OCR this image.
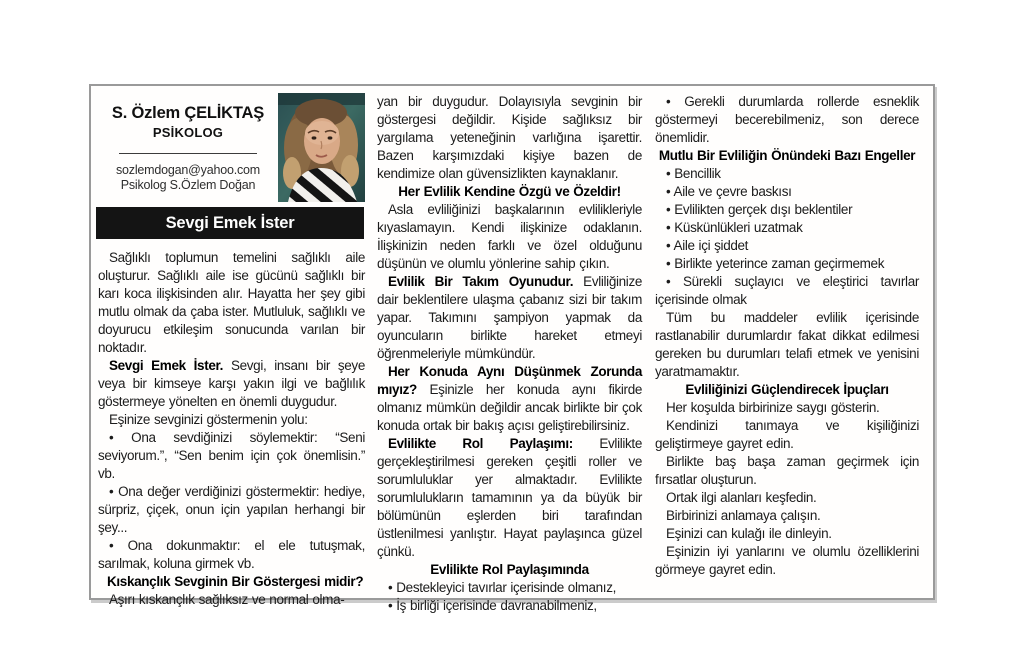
S. Özlem ÇELİKTAŞ
PSİKOLOG
sozlemdogan@yahoo.com
Psikolog S.Özlem Doğan
Sevgi Emek İster

Sağlıklı toplumun temelini sağlıklı aile oluşturur. Sağlıklı aile ise gücünü sağlıklı bir karı koca ilişkisinden alır. Hayatta her şey gibi mutlu olmak da çaba ister. Mutluluk, sağlıklı ve doyurucu etkileşim sonucunda varılan bir noktadır.

Sevgi Emek İster. Sevgi, insanı bir şeye veya bir kimseye karşı yakın ilgi ve bağlılık göstermeye yönelten en önemli duygudur.

Eşinize sevginizi göstermenin yolu:

• Ona sevdiğinizi söylemektir: “Seni seviyorum.”, “Sen benim için çok önemlisin.” vb.

• Ona değer verdiğinizi göstermektir: hediye, sürpriz, çiçek, onun için yapılan herhangi bir şey...

• Ona dokunmaktır: el ele tutuşmak, sarılmak, koluna girmek vb.

Kıskançlık Sevginin Bir Göstergesi midir?

Aşırı kıskançlık sağlıksız ve normal olma-

yan bir duygudur. Dolayısıyla sevginin bir göstergesi değildir. Kişide sağlıksız bir yargılama yeteneğinin varlığına işarettir. Bazen karşımızdaki kişiye bazen de kendimize olan güvensizlikten kaynaklanır.

Her Evlilik Kendine Özgü ve Özeldir!

Asla evliliğinizi başkalarının evlilikleriyle kıyaslamayın. Kendi ilişkinize odaklanın. İlişkinizin neden farklı ve özel olduğunu düşünün ve olumlu yönlerine sahip çıkın.

Evlilik Bir Takım Oyunudur. Evliliğinize dair beklentilere ulaşma çabanız sizi bir takım yapar. Takımını şampiyon yapmak da oyuncuların birlikte hareket etmeyi öğrenmeleriyle mümkündür.

Her Konuda Aynı Düşünmek Zorunda mıyız? Eşinizle her konuda aynı fikirde olmanız mümkün değildir ancak birlikte bir çok konuda ortak bir bakış açısı geliştirebilirsiniz.

Evlilikte Rol Paylaşımı: Evlilikte gerçekleştirilmesi gereken çeşitli roller ve sorumluluklar yer almaktadır. Evlilikte sorumlulukların tamamının ya da büyük bir bölümünün eşlerden biri tarafından üstlenilmesi yanlıştır. Hayat paylaşınca güzel çünkü.

Evlilikte Rol Paylaşımında

• Destekleyici tavırlar içerisinde olmanız,

• İş birliği içerisinde davranabilmeniz,

• Gerekli durumlarda rollerde esneklik göstermeyi becerebilmeniz, son derece önemlidir.

Mutlu Bir Evliliğin Önündeki Bazı Engeller

• Bencillik

• Aile ve çevre baskısı

• Evlilikten gerçek dışı beklentiler

• Küskünlükleri uzatmak

• Aile içi şiddet

• Birlikte yeterince zaman geçirmemek

• Sürekli suçlayıcı ve eleştirici tavırlar içerisinde olmak

Tüm bu maddeler evlilik içerisinde rastlanabilir durumlardır fakat dikkat edilmesi gereken bu durumları telafi etmek ve yenisini yaratmamaktır.

Evliliğinizi Güçlendirecek İpuçları

Her koşulda birbirinize saygı gösterin.

Kendinizi tanımaya ve kişiliğinizi geliştirmeye gayret edin.

Birlikte baş başa zaman geçirmek için fırsatlar oluşturun.

Ortak ilgi alanları keşfedin.

Birbirinizi anlamaya çalışın.

Eşinizi can kulağı ile dinleyin.

Eşinizin iyi yanlarını ve olumlu özelliklerini görmeye gayret edin.
